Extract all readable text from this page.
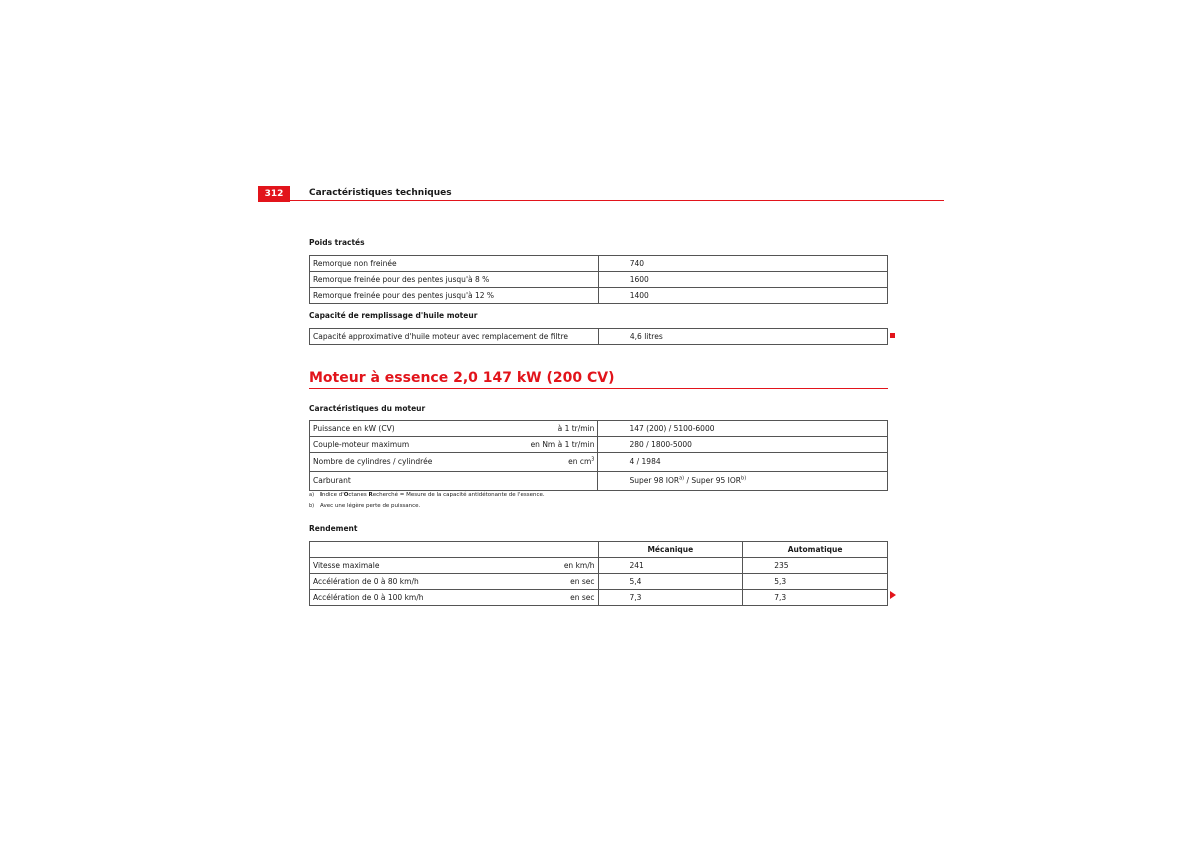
312	Caractéristiques techniques
Poids tractés
Remorque non freinée	740
Remorque freinée pour des pentes jusqu'à 8 %	1600
Remorque freinée pour des pentes jusqu'à 12 %	1400
Capacité de remplissage d'huile moteur
Capacité approximative d'huile moteur avec remplacement de filtre	4,6 litres
Moteur à essence 2,0 147 kW (200 CV)
Caractéristiques du moteur
Puissance en kW (CV) à 1 tr/min	147 (200) / 5100-6000
Couple-moteur maximum en Nm à 1 tr/min	280 / 1800-5000
Nombre de cylindres / cylindrée en $cm^3$	4 / 1984
Carburant	Super 98 IOR$^{a)}$ / Super 95 IOR$^{b)}$
a) Indice d'Octanes Recherché = Mesure de la capacité antidétonante de l'essence.
b) Avec une légère perte de puissance.
Rendement
	Mécanique	Automatique
Vitesse maximale en km/h	241	235
Accélération de 0 à 80 km/h en sec	5,4	5,3
Accélération de 0 à 100 km/h en sec	7,3	7,3
